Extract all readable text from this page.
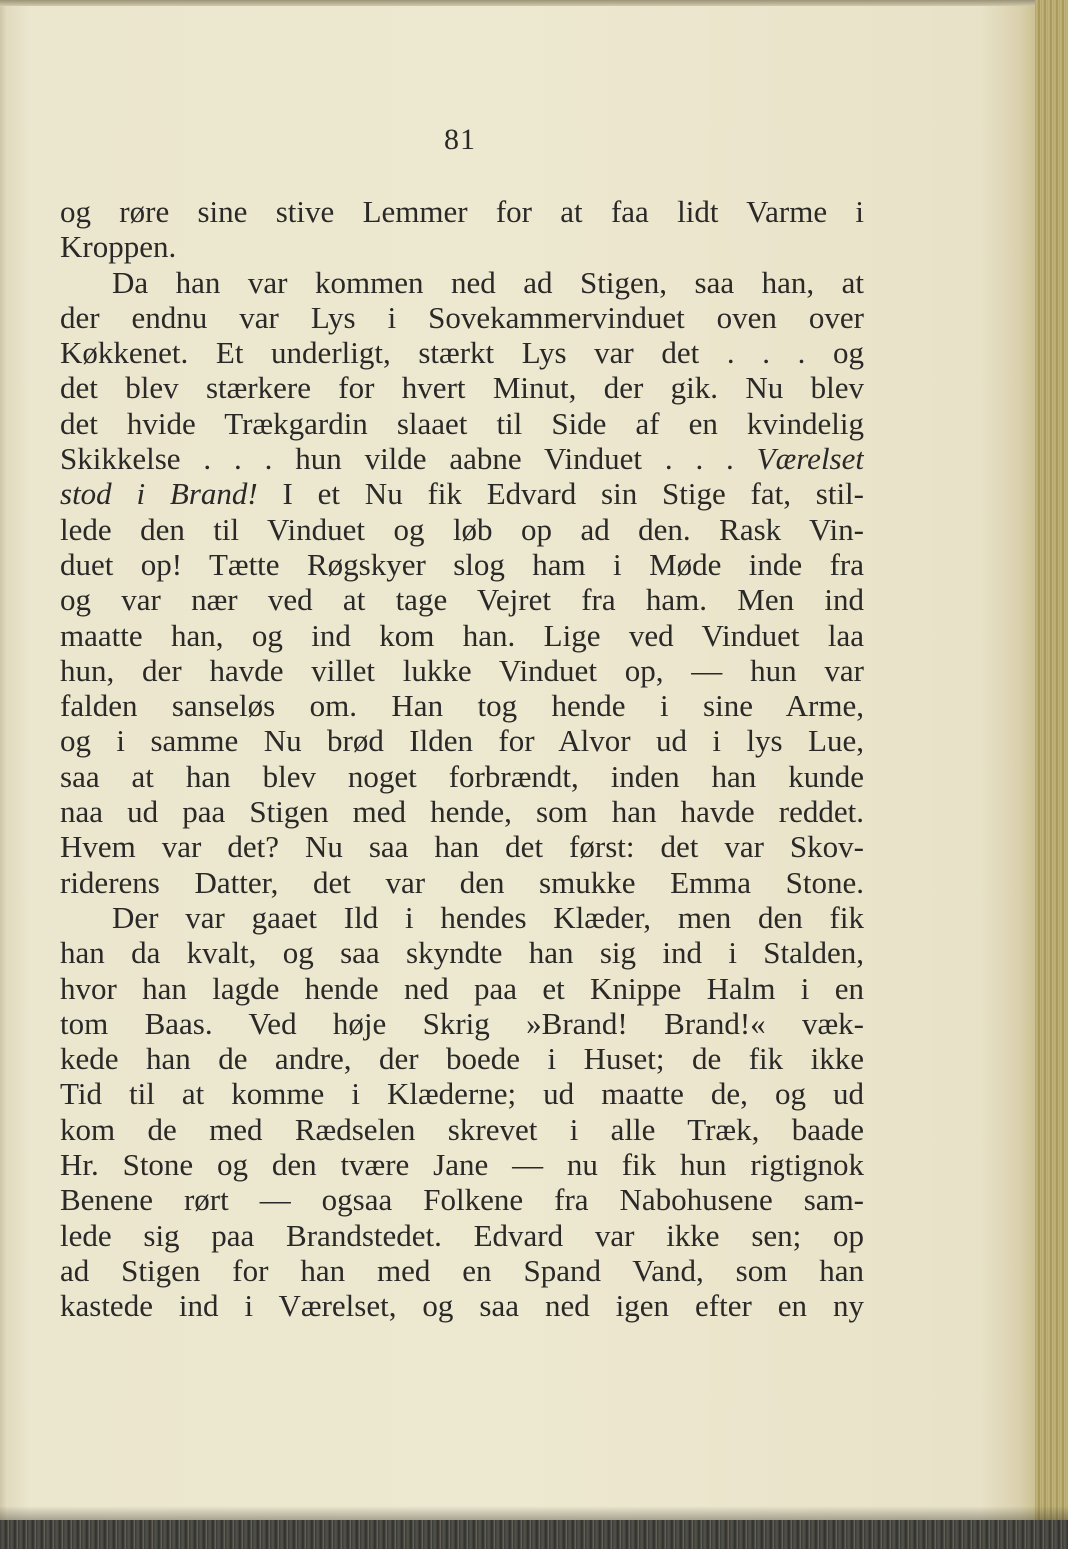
81
og røre sine stive Lemmer for at faa lidt Varme i
Kroppen.
Da han var kommen ned ad Stigen, saa han, at
der endnu var Lys i Sovekammervinduet oven over
Køkkenet. Et underligt, stærkt Lys var det . . . og
det blev stærkere for hvert Minut, der gik. Nu blev
det hvide Trækgardin slaaet til Side af en kvindelig
Skikkelse . . . hun vilde aabne Vinduet . . . Værelset
stod i Brand! I et Nu fik Edvard sin Stige fat, stil-
lede den til Vinduet og løb op ad den. Rask Vin-
duet op! Tætte Røgskyer slog ham i Møde inde fra
og var nær ved at tage Vejret fra ham. Men ind
maatte han, og ind kom han. Lige ved Vinduet laa
hun, der havde villet lukke Vinduet op, — hun var
falden sanseløs om. Han tog hende i sine Arme,
og i samme Nu brød Ilden for Alvor ud i lys Lue,
saa at han blev noget forbrændt, inden han kunde
naa ud paa Stigen med hende, som han havde reddet.
Hvem var det? Nu saa han det først: det var Skov-
riderens Datter, det var den smukke Emma Stone.
Der var gaaet Ild i hendes Klæder, men den fik
han da kvalt, og saa skyndte han sig ind i Stalden,
hvor han lagde hende ned paa et Knippe Halm i en
tom Baas. Ved høje Skrig »Brand! Brand!« væk-
kede han de andre, der boede i Huset; de fik ikke
Tid til at komme i Klæderne; ud maatte de, og ud
kom de med Rædselen skrevet i alle Træk, baade
Hr. Stone og den tvære Jane — nu fik hun rigtignok
Benene rørt — ogsaa Folkene fra Nabohusene sam-
lede sig paa Brandstedet. Edvard var ikke sen; op
ad Stigen for han med en Spand Vand, som han
kastede ind i Værelset, og saa ned igen efter en ny
